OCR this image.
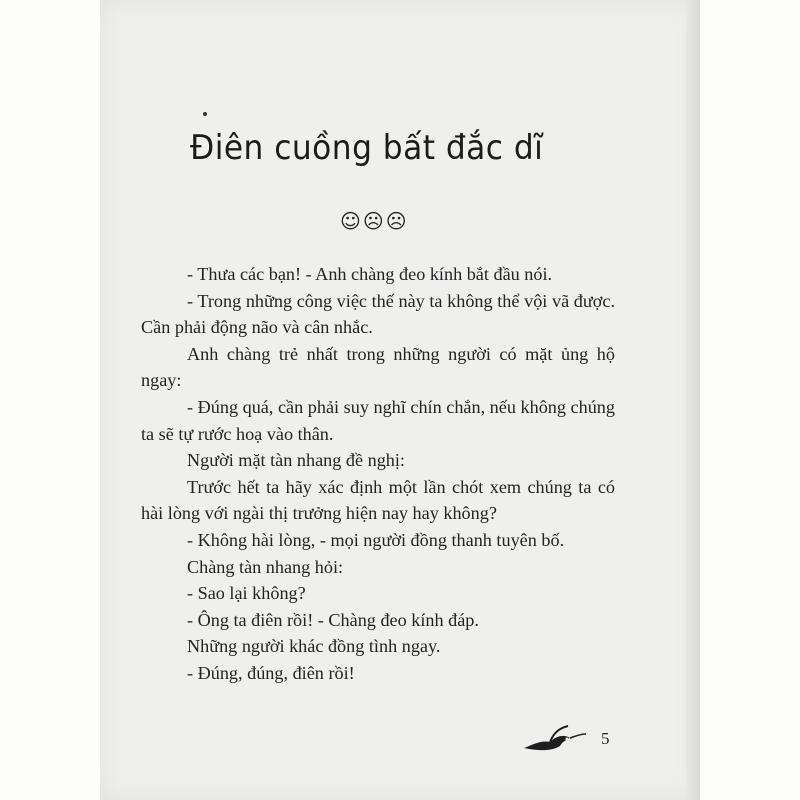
Điên cuồng bất đắc dĩ
☺☹☹

- Thưa các bạn! - Anh chàng đeo kính bắt đầu nói.

- Trong những công việc thế này ta không thể vội vã được. Cần phải động não và cân nhắc.

Anh chàng trẻ nhất trong những người có mặt ủng hộ ngay:

- Đúng quá, cần phải suy nghĩ chín chắn, nếu không chúng ta sẽ tự rước hoạ vào thân.

Người mặt tàn nhang đề nghị:

Trước hết ta hãy xác định một lần chót xem chúng ta có hài lòng với ngài thị trưởng hiện nay hay không?

- Không hài lòng, - mọi người đồng thanh tuyên bố.

Chàng tàn nhang hỏi:

- Sao lại không?

- Ông ta điên rồi! - Chàng đeo kính đáp.

Những người khác đồng tình ngay.

- Đúng, đúng, điên rồi!

5
